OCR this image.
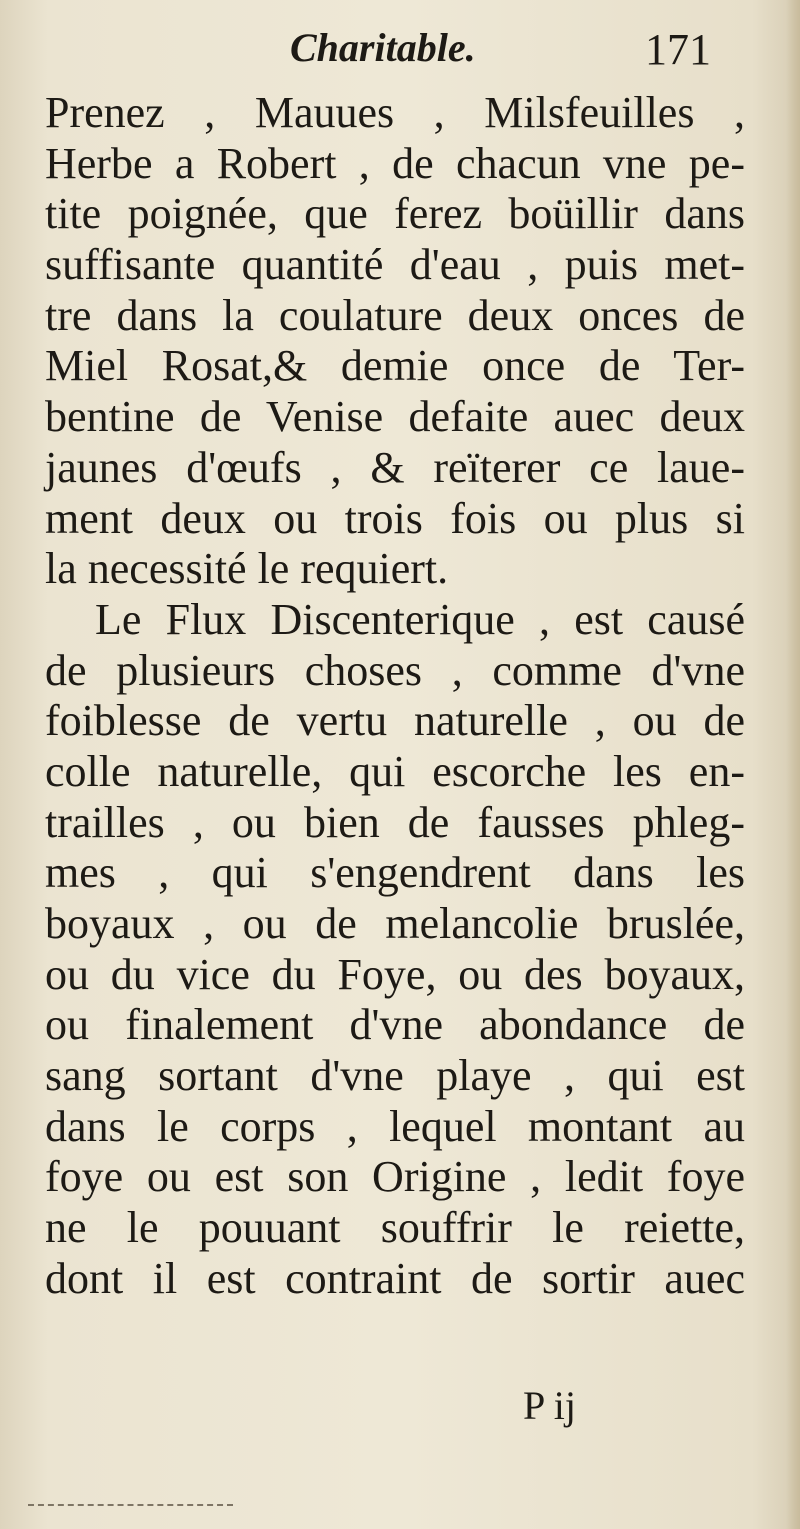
Charitable.	171
Prenez , Mauues , Milsfeuilles ,
Herbe a Robert , de chacun vne pe-
tite poignée, que ferez boüillir dans
suffisante quantité d'eau , puis met-
tre dans la coulature deux onces de
Miel Rosat,& demie once de Ter-
bentine de Venise defaite auec deux
jaunes d'œufs , & reïterer ce laue-
ment deux ou trois fois ou plus si
la necessité le requiert.
Le Flux Discenterique , est causé
de plusieurs choses , comme d'vne
foiblesse de vertu naturelle , ou de
colle naturelle, qui escorche les en-
trailles , ou bien de fausses phleg-
mes , qui s'engendrent dans les
boyaux , ou de melancolie bruslée,
ou du vice du Foye, ou des boyaux,
ou finalement d'vne abondance de
sang sortant d'vne playe , qui est
dans le corps , lequel montant au
foye ou est son Origine , ledit foye
ne le pouuant souffrir le reiette,
dont il est contraint de sortir auec
P ij
